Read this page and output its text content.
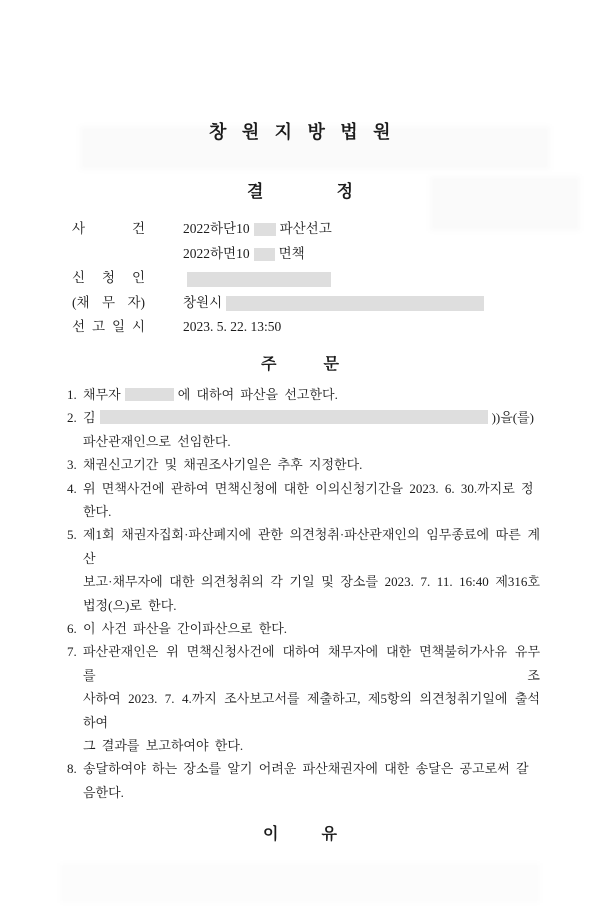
창 원 지 방 법 원
결 정
사 건	2022하단10 파산선고
2022하면10 면책
신 청 인
(채 무 자)	창원시
선 고 일 시	2023. 5. 22. 13:50
주 문
1. 채무자	에 대하여 파산을 선고한다.
2. 김	))을(를)
파산관재인으로 선임한다.
3. 채권신고기간 및 채권조사기일은 추후 지정한다.
4. 위 면책사건에 관하여 면책신청에 대한 이의신청기간을 2023. 6. 30.까지로 정한다.
5. 제1회 채권자집회·파산폐지에 관한 의견청취·파산관재인의 임무종료에 따른 계산
보고·채무자에 대한 의견청취의 각 기일 및 장소를 2023. 7. 11. 16:40 제316호
법정(으)로 한다.
6. 이 사건 파산을 간이파산으로 한다.
7. 파산관재인은 위 면책신청사건에 대하여 채무자에 대한 면책불허가사유 유무를 조
사하여 2023. 7. 4.까지 조사보고서를 제출하고, 제5항의 의견청취기일에 출석하여
그 결과를 보고하여야 한다.
8. 송달하여야 하는 장소를 알기 어려운 파산채권자에 대한 송달은 공고로써 갈음한다.
이 유
